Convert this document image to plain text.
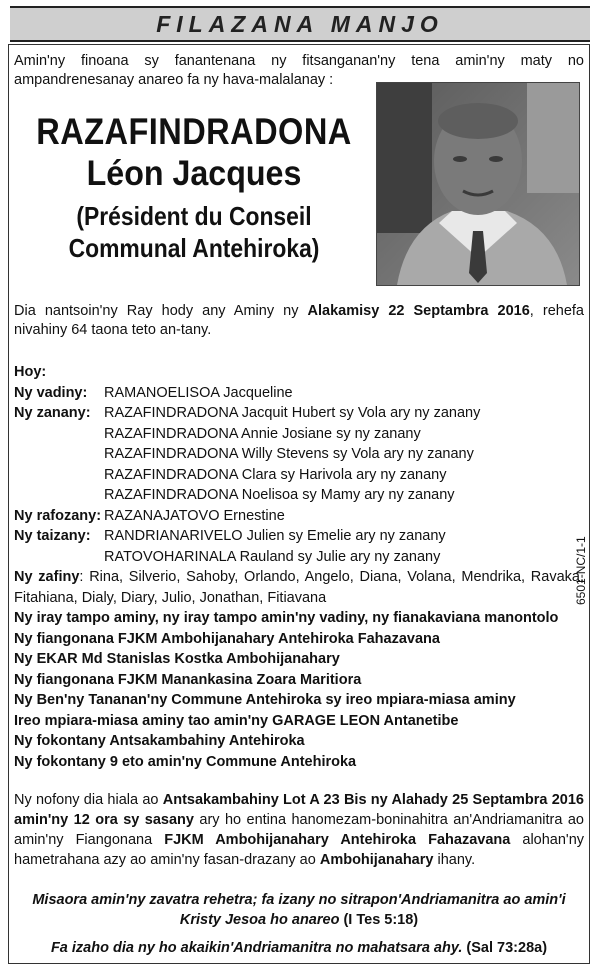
FILAZANA MANJO
Amin'ny finoana sy fanantenana ny fitsanganan'ny tena amin'ny maty no ampandrenesanay anareo fa ny hava-malalanay :
RAZAFINDRADONA
Léon Jacques
(Président du Conseil
Communal Antehiroka)
Dia nantsoin'ny Ray hody any Aminy ny Alakamisy 22 Septambra 2016, rehefa nivahiny 64 taona teto an-tany.
Hoy:
Ny vadiny:	RAMANOELISOA Jacqueline
Ny zanany: RAZAFINDRADONA Jacquit Hubert sy Vola ary ny zanany
RAZAFINDRADONA Annie Josiane sy ny zanany
RAZAFINDRADONA Willy Stevens sy Vola ary ny zanany
RAZAFINDRADONA Clara sy Harivola ary ny zanany
RAZAFINDRADONA Noelisoa sy Mamy ary ny zanany
Ny rafozany: RAZANAJATOVO Ernestine
Ny taizany: RANDRIANARIVELO Julien sy Emelie ary ny zanany
RATOVOHARINALA Rauland sy Julie ary ny zanany
Ny zafiny: Rina, Silverio, Sahoby, Orlando, Angelo, Diana, Volana, Mendrika, Ravaka, Fitahiana, Dialy, Diary, Julio, Jonathan, Fitiavana
Ny iray tampo aminy, ny iray tampo amin'ny vadiny, ny fianakaviana manontolo
Ny fiangonana FJKM Ambohijanahary Antehiroka Fahazavana
Ny EKAR Md Stanislas Kostka Ambohijanahary
Ny fiangonana FJKM Manankasina Zoara Maritiora
Ny Ben'ny Tananan'ny Commune Antehiroka sy ireo mpiara-miasa aminy
Ireo mpiara-miasa aminy tao amin'ny GARAGE LEON Antanetibe
Ny fokontany Antsakambahiny Antehiroka
Ny fokontany 9 eto amin'ny Commune Antehiroka
6501-NC/1-1
Ny nofony dia hiala ao Antsakambahiny Lot A 23 Bis ny Alahady 25 Septambra 2016 amin'ny 12 ora sy sasany ary ho entina hanomezam-boninahitra an'Andriamanitra ao amin'ny Fiangonana FJKM Ambohijanahary Antehiroka Fahazavana alohan'ny hametrahana azy ao amin'ny fasan-drazany ao Ambohijanahary ihany.
Misaora amin'ny zavatra rehetra; fa izany no sitrapon'Andriamanitra ao amin'i Kristy Jesoa ho anareo (I Tes 5:18)
Fa izaho dia ny ho akaikin'Andriamanitra no mahatsara ahy. (Sal 73:28a)
